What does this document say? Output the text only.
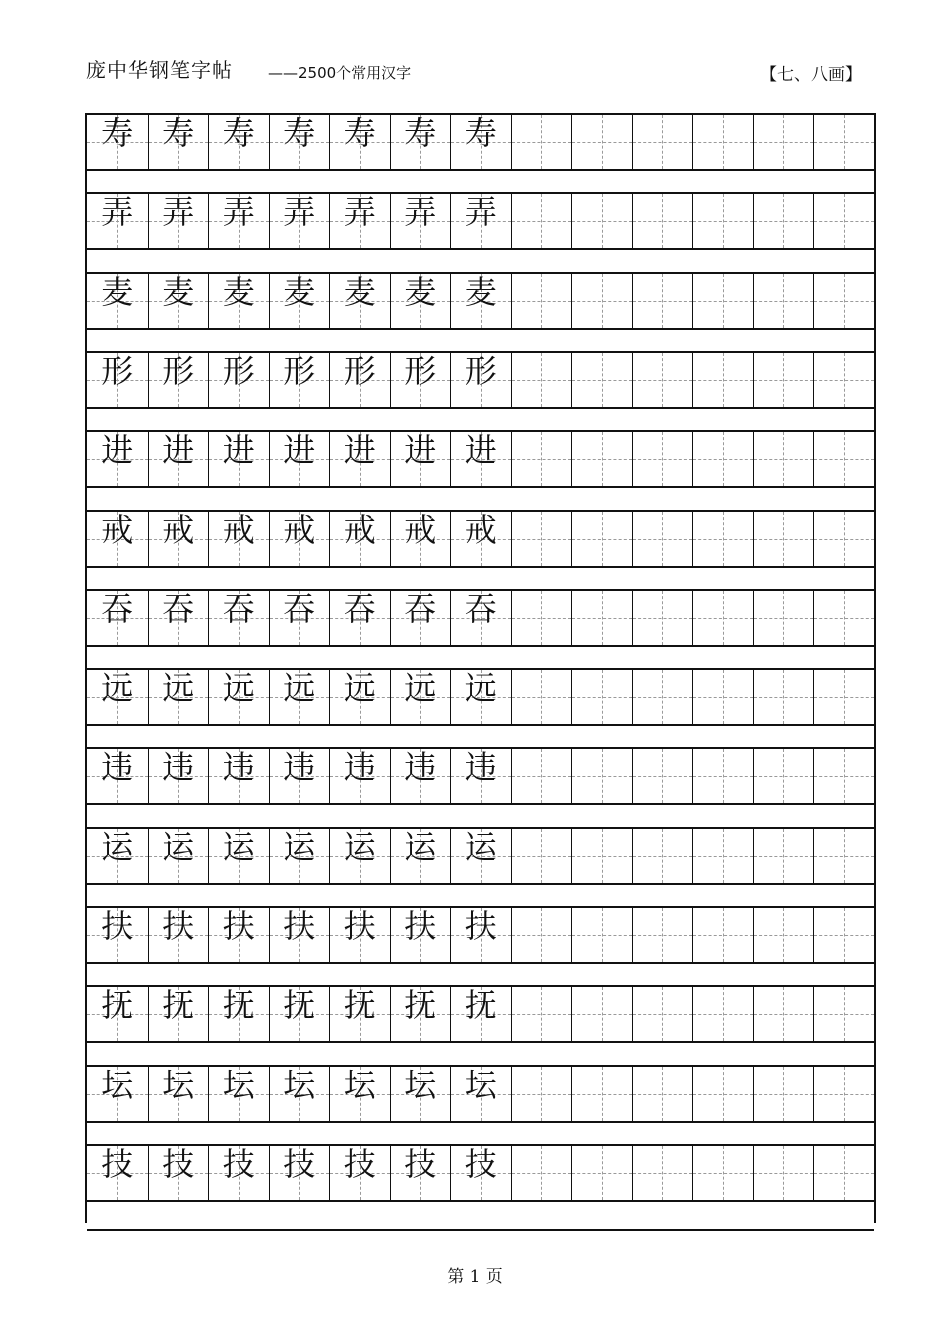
庞中华钢笔字帖 ——2500个常用汉字	【七、八画】
寿 寿 寿 寿 寿 寿 寿
弄 弄 弄 弄 弄 弄 弄
麦 麦 麦 麦 麦 麦 麦
形 形 形 形 形 形 形
进 进 进 进 进 进 进
戒 戒 戒 戒 戒 戒 戒
吞 吞 吞 吞 吞 吞 吞
远 远 远 远 远 远 远
违 违 违 违 违 违 违
运 运 运 运 运 运 运
扶 扶 扶 扶 扶 扶 扶
抚 抚 抚 抚 抚 抚 抚
坛 坛 坛 坛 坛 坛 坛
技 技 技 技 技 技 技
第 1 页
